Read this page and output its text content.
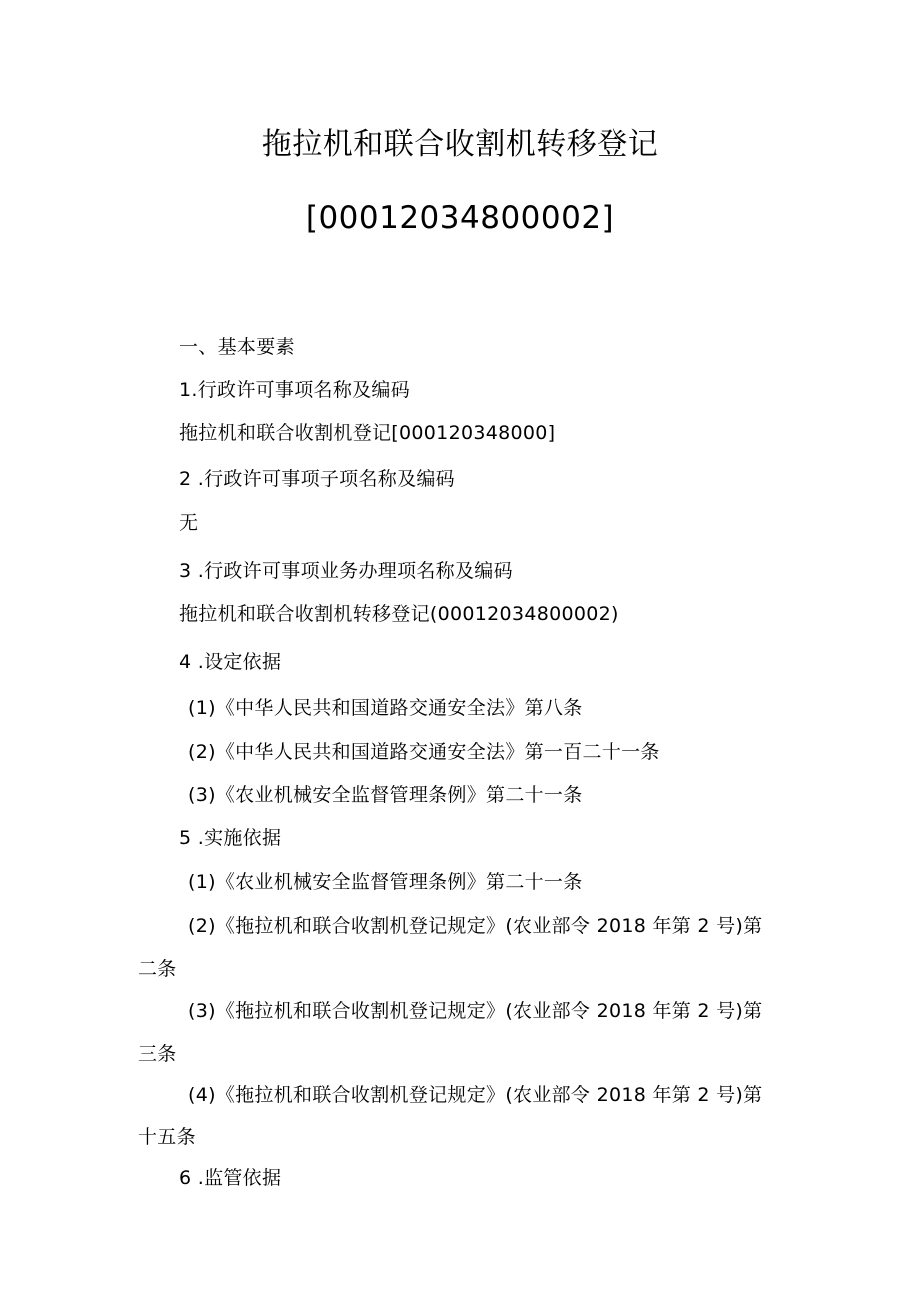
拖拉机和联合收割机转移登记
[00012034800002]
一、基本要素
1.行政许可事项名称及编码
拖拉机和联合收割机登记[000120348000]
2 .行政许可事项子项名称及编码
无
3 .行政许可事项业务办理项名称及编码
拖拉机和联合收割机转移登记(00012034800002)
4 .设定依据
(1)《中华人民共和国道路交通安全法》第八条
(2)《中华人民共和国道路交通安全法》第一百二十一条
(3)《农业机械安全监督管理条例》第二十一条
5 .实施依据
(1)《农业机械安全监督管理条例》第二十一条
(2)《拖拉机和联合收割机登记规定》(农业部令 2018 年第 2 号)第
二条
(3)《拖拉机和联合收割机登记规定》(农业部令 2018 年第 2 号)第
三条
(4)《拖拉机和联合收割机登记规定》(农业部令 2018 年第 2 号)第
十五条
6 .监管依据
